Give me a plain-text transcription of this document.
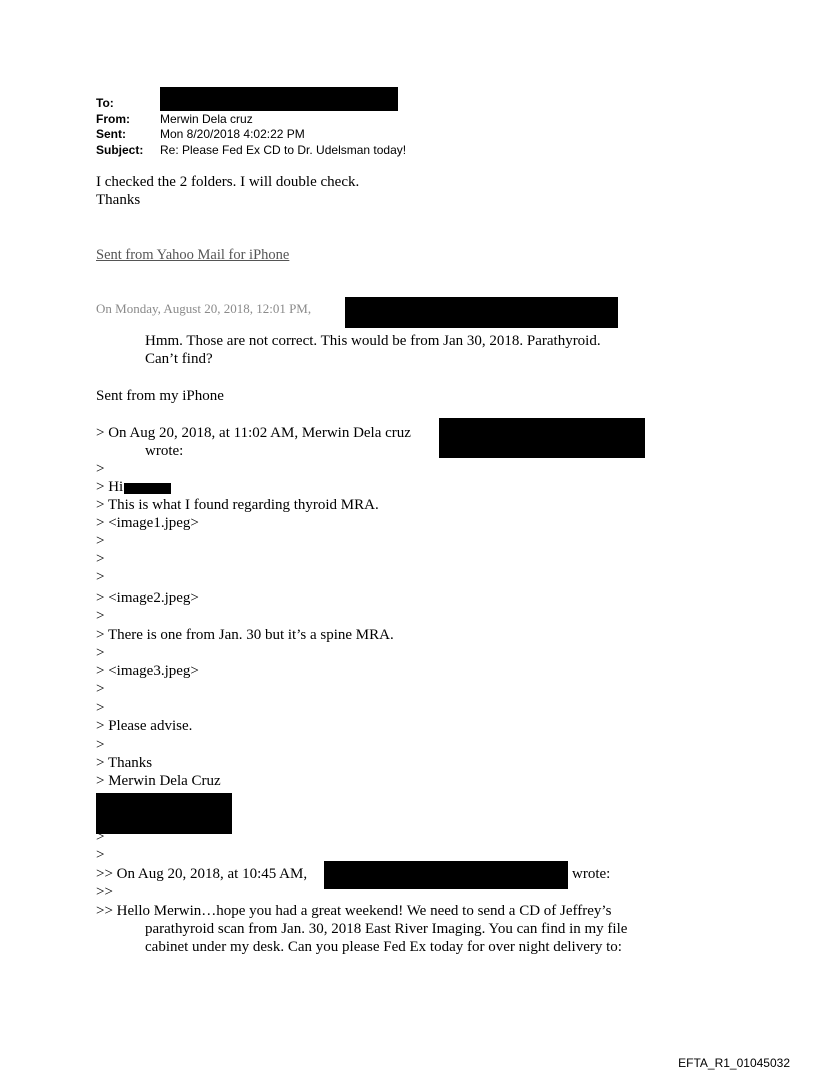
To:
From:	Merwin Dela cruz
Sent:	Mon 8/20/2018 4:02:22 PM
Subject: Re: Please Fed Ex CD to Dr. Udelsman today!
I checked the 2 folders. I will double check.
Thanks
Sent from Yahoo Mail for iPhone
On Monday, August 20, 2018, 12:01 PM,
Hmm. Those are not correct. This would be from Jan 30, 2018. Parathyroid.
Can’t find?
Sent from my iPhone
> On Aug 20, 2018, at 11:02 AM, Merwin Dela cruz
wrote:
>
> Hi
> This is what I found regarding thyroid MRA.
> <image1.jpeg>
>
>
>
> <image2.jpeg>
>
> There is one from Jan. 30 but it’s a spine MRA.
>
> <image3.jpeg>
>
>
> Please advise.
>
> Thanks
> Merwin Dela Cruz
>
>
>> On Aug 20, 2018, at 10:45 AM,	wrote:
>>
>> Hello Merwin…hope you had a great weekend! We need to send a CD of Jeffrey’s
parathyroid scan from Jan. 30, 2018 East River Imaging. You can find in my file
cabinet under my desk. Can you please Fed Ex today for over night delivery to:
EFTA_R1_01045032
